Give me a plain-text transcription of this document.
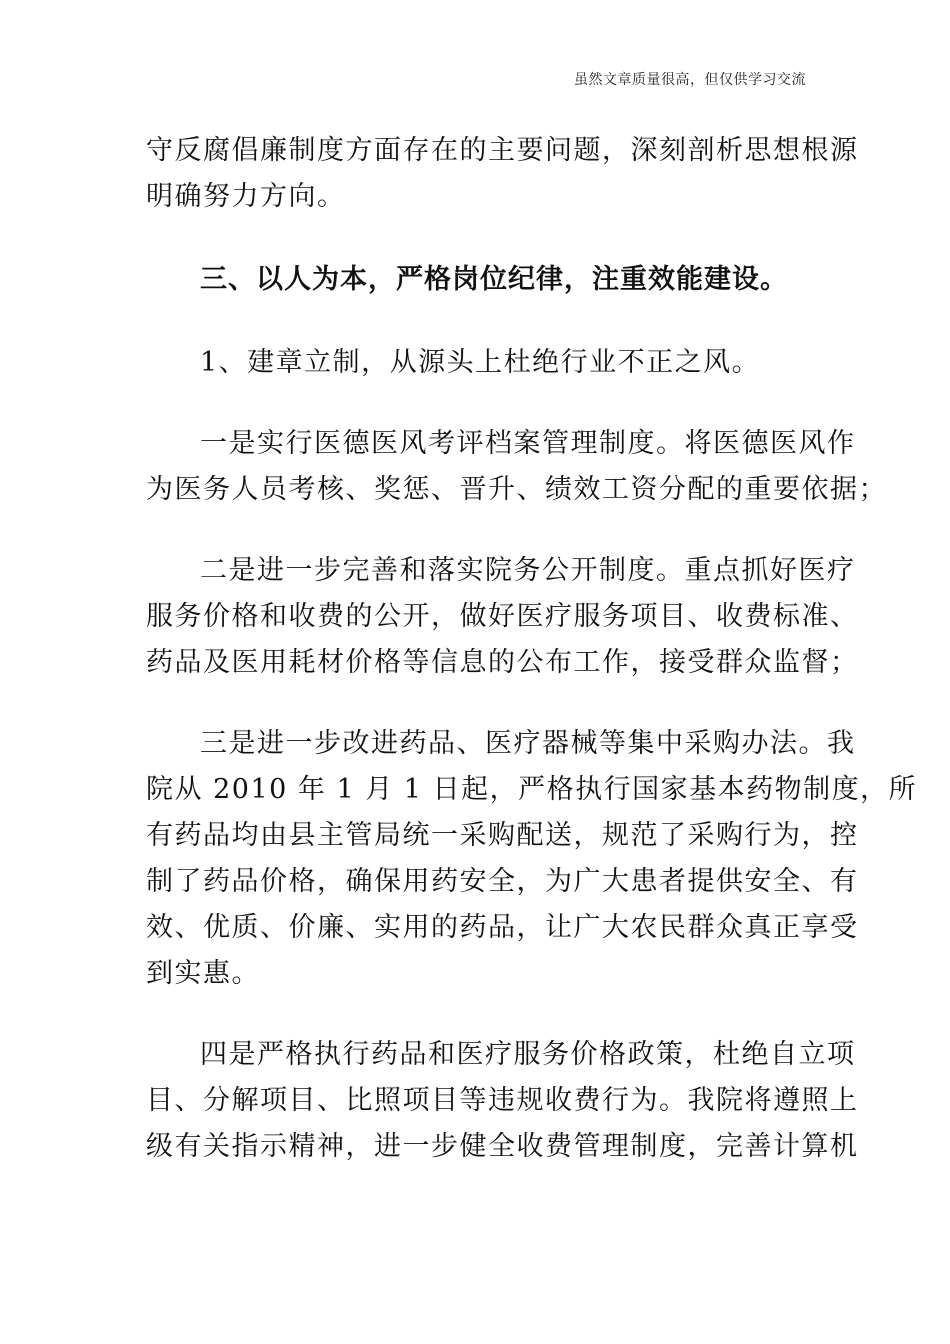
虽然文章质量很高，但仅供学习交流
守反腐倡廉制度方面存在的主要问题，深刻剖析思想根源
明确努力方向。
三、以人为本，严格岗位纪律，注重效能建设。
1、建章立制，从源头上杜绝行业不正之风。
一是实行医德医风考评档案管理制度。将医德医风作
为医务人员考核、奖惩、晋升、绩效工资分配的重要依据；
二是进一步完善和落实院务公开制度。重点抓好医疗
服务价格和收费的公开，做好医疗服务项目、收费标准、
药品及医用耗材价格等信息的公布工作，接受群众监督；
三是进一步改进药品、医疗器械等集中采购办法。我
院从 2010 年 1 月 1 日起，严格执行国家基本药物制度，所
有药品均由县主管局统一采购配送，规范了采购行为，控
制了药品价格，确保用药安全，为广大患者提供安全、有
效、优质、价廉、实用的药品，让广大农民群众真正享受
到实惠。
四是严格执行药品和医疗服务价格政策，杜绝自立项
目、分解项目、比照项目等违规收费行为。我院将遵照上
级有关指示精神，进一步健全收费管理制度，完善计算机
